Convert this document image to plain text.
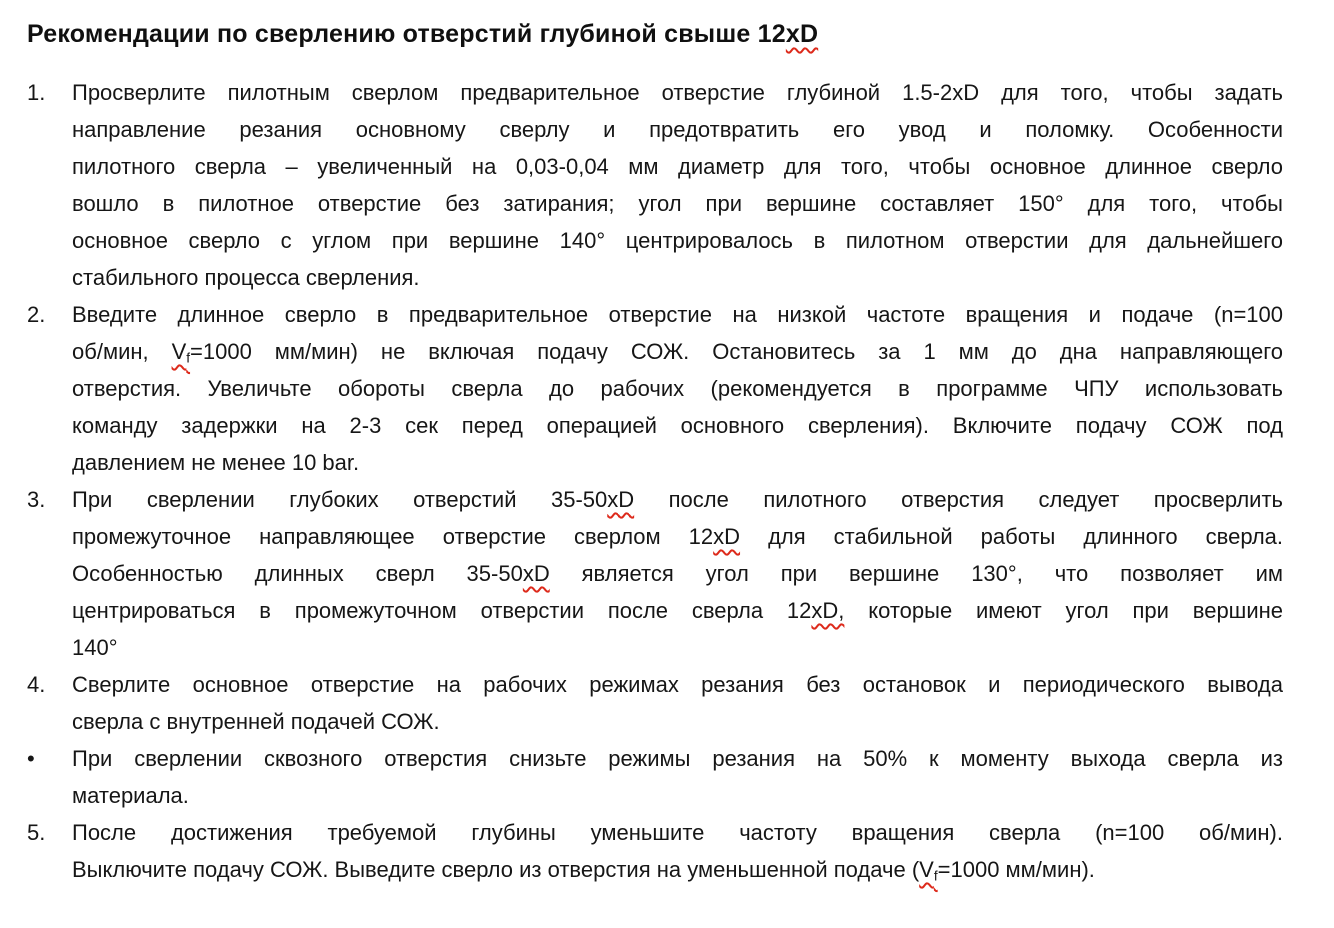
Рекомендации по сверлению отверстий глубиной свыше 12xD
1.	Просверлите пилотным сверлом предварительное отверстие глубиной 1.5-2xD для того, чтобы задать
направление резания основному сверлу и предотвратить его увод и поломку. Особенности
пилотного сверла – увеличенный на 0,03-0,04 мм диаметр для того, чтобы основное длинное сверло
вошло в пилотное отверстие без затирания; угол при вершине составляет 150° для того, чтобы
основное сверло с углом при вершине 140° центрировалось в пилотном отверстии для дальнейшего
стабильного процесса сверления.
2.	Введите длинное сверло в предварительное отверстие на низкой частоте вращения и подаче (n=100
об/мин, $V_f=1000$ мм/мин) не включая подачу СОЖ. Остановитесь за 1 мм до дна направляющего
отверстия. Увеличьте обороты сверла до рабочих (рекомендуется в программе ЧПУ использовать
команду задержки на 2-3 сек перед операцией основного сверления). Включите подачу СОЖ под
давлением не менее 10 bar.
3.	При сверлении глубоких отверстий 35-50xD после пилотного отверстия следует просверлить
промежуточное направляющее отверстие сверлом 12xD для стабильной работы длинного сверла.
Особенностью длинных сверл 35-50xD является угол при вершине 130°, что позволяет им
центрироваться в промежуточном отверстии после сверла 12xD, которые имеют угол при вершине
140°
4.	Сверлите основное отверстие на рабочих режимах резания без остановок и периодического вывода
сверла с внутренней подачей СОЖ.
•	При сверлении сквозного отверстия снизьте режимы резания на 50% к моменту выхода сверла из
материала.
5.	После достижения требуемой глубины уменьшите частоту вращения сверла (n=100 об/мин).
Выключите подачу СОЖ. Выведите сверло из отверстия на уменьшенной подаче ($V_f=1000$ мм/мин).
